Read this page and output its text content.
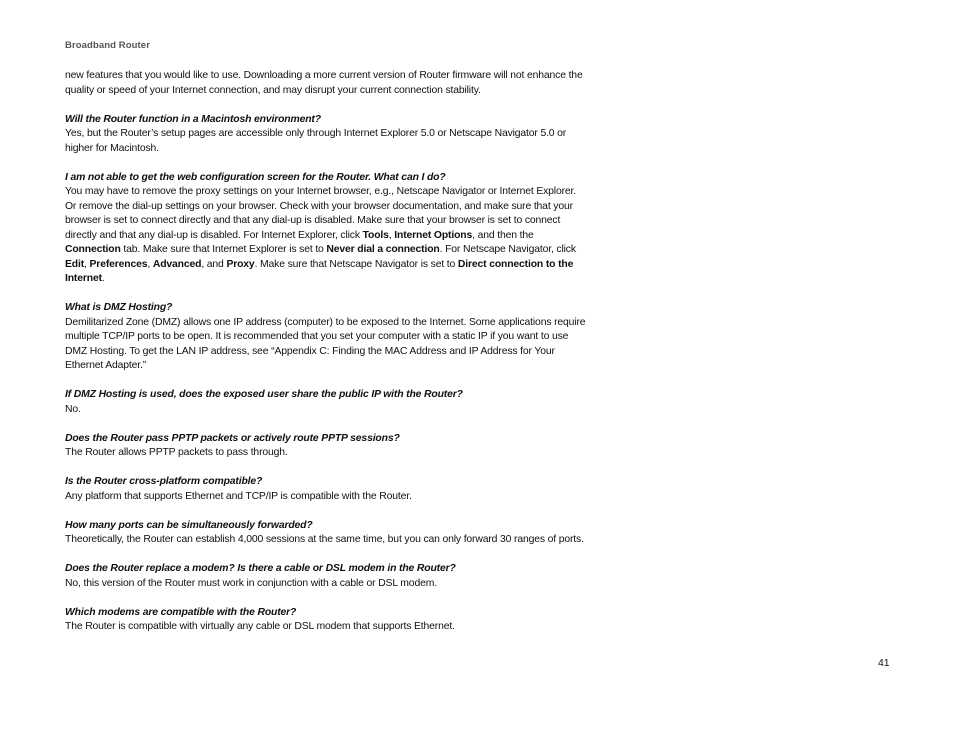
Broadband Router

new features that you would like to use. Downloading a more current version of Router firmware will not enhance the quality or speed of your Internet connection, and may disrupt your current connection stability.

Will the Router function in a Macintosh environment?

Yes, but the Router’s setup pages are accessible only through Internet Explorer 5.0 or Netscape Navigator 5.0 or higher for Macintosh.

I am not able to get the web configuration screen for the Router. What can I do?

You may have to remove the proxy settings on your Internet browser, e.g., Netscape Navigator or Internet Explorer. Or remove the dial-up settings on your browser. Check with your browser documentation, and make sure that your browser is set to connect directly and that any dial-up is disabled. Make sure that your browser is set to connect directly and that any dial-up is disabled. For Internet Explorer, click Tools, Internet Options, and then the Connection tab. Make sure that Internet Explorer is set to Never dial a connection. For Netscape Navigator, click Edit, Preferences, Advanced, and Proxy. Make sure that Netscape Navigator is set to Direct connection to the Internet.

What is DMZ Hosting?

Demilitarized Zone (DMZ) allows one IP address (computer) to be exposed to the Internet. Some applications require multiple TCP/IP ports to be open. It is recommended that you set your computer with a static IP if you want to use DMZ Hosting. To get the LAN IP address, see “Appendix C: Finding the MAC Address and IP Address for Your Ethernet Adapter.”

If DMZ Hosting is used, does the exposed user share the public IP with the Router?

No.

Does the Router pass PPTP packets or actively route PPTP sessions?

The Router allows PPTP packets to pass through.

Is the Router cross-platform compatible?

Any platform that supports Ethernet and TCP/IP is compatible with the Router.

How many ports can be simultaneously forwarded?

Theoretically, the Router can establish 4,000 sessions at the same time, but you can only forward 30 ranges of ports.

Does the Router replace a modem? Is there a cable or DSL modem in the Router?

No, this version of the Router must work in conjunction with a cable or DSL modem.

Which modems are compatible with the Router?

The Router is compatible with virtually any cable or DSL modem that supports Ethernet.

41
